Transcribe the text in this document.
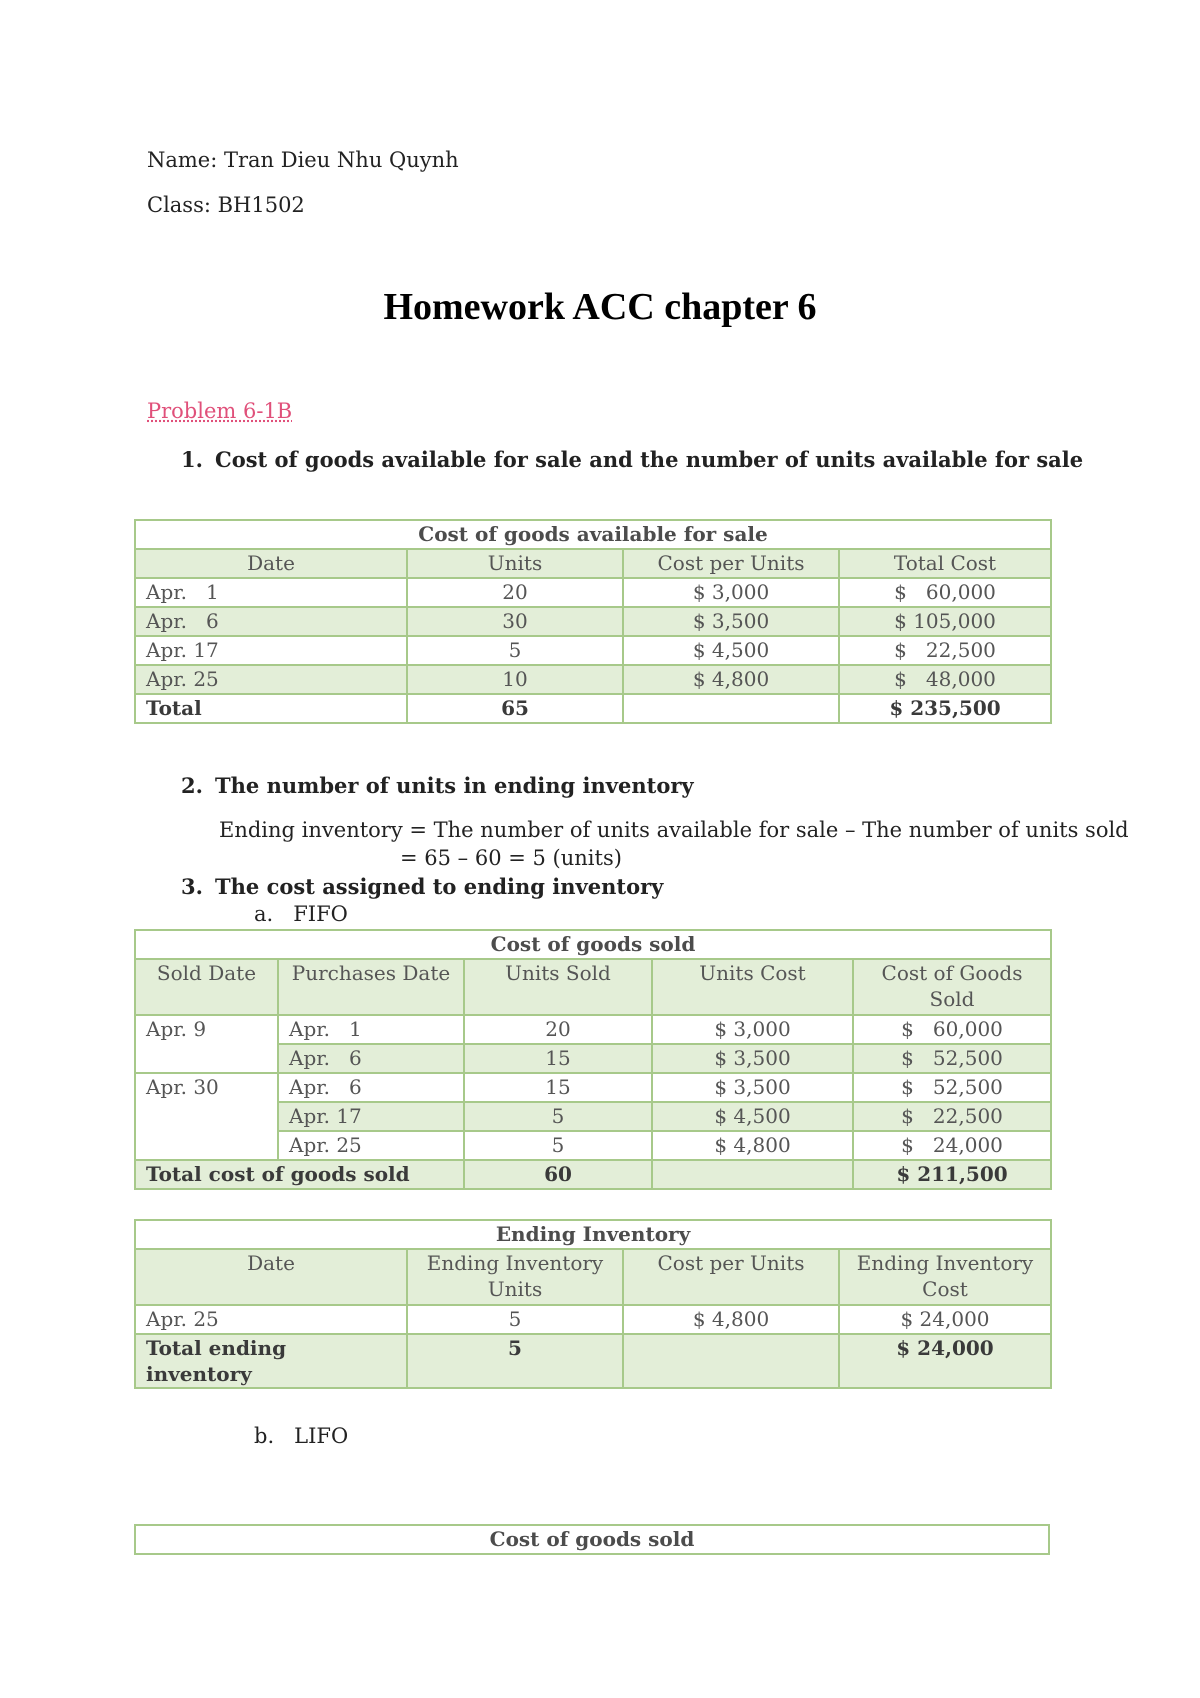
Name: Tran Dieu Nhu Quynh
Class: BH1502
Homework ACC chapter 6
Problem 6-1B
1. Cost of goods available for sale and the number of units available for sale
Cost of goods available for sale			
Date	Units	Cost per Units	Total Cost
Apr.   1	20	$ 3,000	$   60,000
Apr.   6	30	$ 3,500	$ 105,000
Apr. 17	5	$ 4,500	$   22,500
Apr. 25	10	$ 4,800	$   48,000
Total	65		$ 235,500
2. The number of units in ending inventory
Ending inventory = The number of units available for sale – The number of units sold
= 65 – 60 = 5 (units)
3. The cost assigned to ending inventory
a.   FIFO
Cost of goods sold				
Sold Date	Purchases Date	Units Sold	Units Cost	Cost of Goods Sold
Apr. 9	Apr.   1	20	$ 3,000	$   60,000
	Apr.   6	15	$ 3,500	$   52,500
Apr. 30	Apr.   6	15	$ 3,500	$   52,500
	Apr. 17	5	$ 4,500	$   22,500
	Apr. 25	5	$ 4,800	$   24,000
Total cost of goods sold		60		$ 211,500
Ending Inventory			
Date	Ending Inventory Units	Cost per Units	Ending Inventory Cost
Apr. 25	5	$ 4,800	$ 24,000
Total ending inventory	5		$ 24,000
b.   LIFO
Cost of goods sold
